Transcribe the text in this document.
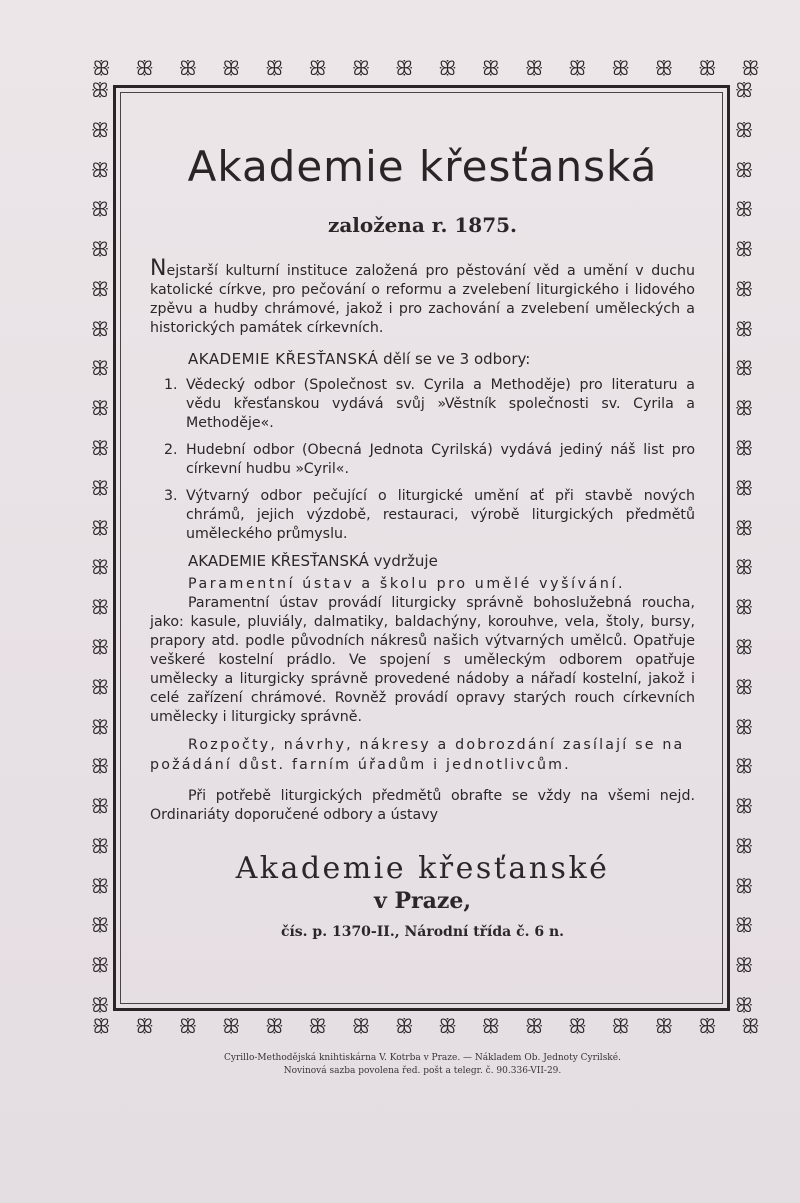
ꕥ ꕥ ꕥ ꕥ ꕥ ꕥ ꕥ ꕥ ꕥ ꕥ ꕥ ꕥ ꕥ ꕥ ꕥ ꕥ
ꕥ ꕥ ꕥ ꕥ ꕥ ꕥ ꕥ ꕥ ꕥ ꕥ ꕥ ꕥ ꕥ ꕥ ꕥ ꕥ
ꕥ
ꕥ
ꕥ
ꕥ
ꕥ
ꕥ
ꕥ
ꕥ
ꕥ
ꕥ
ꕥ
ꕥ
ꕥ
ꕥ
ꕥ
ꕥ
ꕥ
ꕥ
ꕥ
ꕥ
ꕥ
ꕥ
ꕥ
ꕥ
ꕥ
ꕥ
ꕥ
ꕥ
ꕥ
ꕥ
ꕥ
ꕥ
ꕥ
ꕥ
ꕥ
ꕥ
ꕥ
ꕥ
ꕥ
ꕥ
ꕥ
ꕥ
ꕥ
ꕥ
ꕥ
ꕥ
ꕥ
ꕥ
Akademie křesťanská

založena r. 1875.

Nejstarší kulturní instituce založená pro pěstování věd a umění v duchu katolické církve, pro pečování o reformu a zvelebení liturgického i lidového zpěvu a hudby chrámové, jakož i pro zachování a zvelebení uměleckých a historických památek církevních.

AKADEMIE KŘESŤANSKÁ dělí se ve 3 odbory:

1. Vědecký odbor (Společnost sv. Cyrila a Methoděje) pro literaturu a vědu křesťanskou vydává svůj »Věstník společnosti sv. Cyrila a Methoděje«.
2. Hudební odbor (Obecná Jednota Cyrilská) vydává jediný náš list pro církevní hudbu »Cyril«.
3. Výtvarný odbor pečující o liturgické umění ať při stavbě nových chrámů, jejich výzdobě, restauraci, výrobě liturgických předmětů uměleckého průmyslu.

AKADEMIE KŘESŤANSKÁ vydržuje

Paramentní ústav a školu pro umělé vyšívání.

Paramentní ústav provádí liturgicky správně bohoslužebná roucha, jako: kasule, pluviály, dalmatiky, baldachýny, korouhve, vela, štoly, bursy, prapory atd. podle původních nákresů našich výtvarných umělců. Opatřuje veškeré kostelní prádlo. Ve spojení s uměleckým odborem opatřuje umělecky a liturgicky správně provedené nádoby a nářadí kostelní, jakož i celé zařízení chrámové. Rovněž provádí opravy starých rouch církevních umělecky i liturgicky správně.

Rozpočty, návrhy, nákresy a dobrozdání zasílají se na požádání důst. farním úřadům i jednotlivcům.

Při potřebě liturgických předmětů obrafte se vždy na všemi nejd. Ordinariáty doporučené odbory a ústavy

Akademie křesťanské

v Praze,

čís. p. 1370-II., Národní třída č. 6 n.

Cyrillo-Methodějská knihtiskárna V. Kotrba v Praze. — Nákladem Ob. Jednoty Cyrilské.
Novinová sazba povolena řed. pošt a telegr. č. 90.336-VII-29.
